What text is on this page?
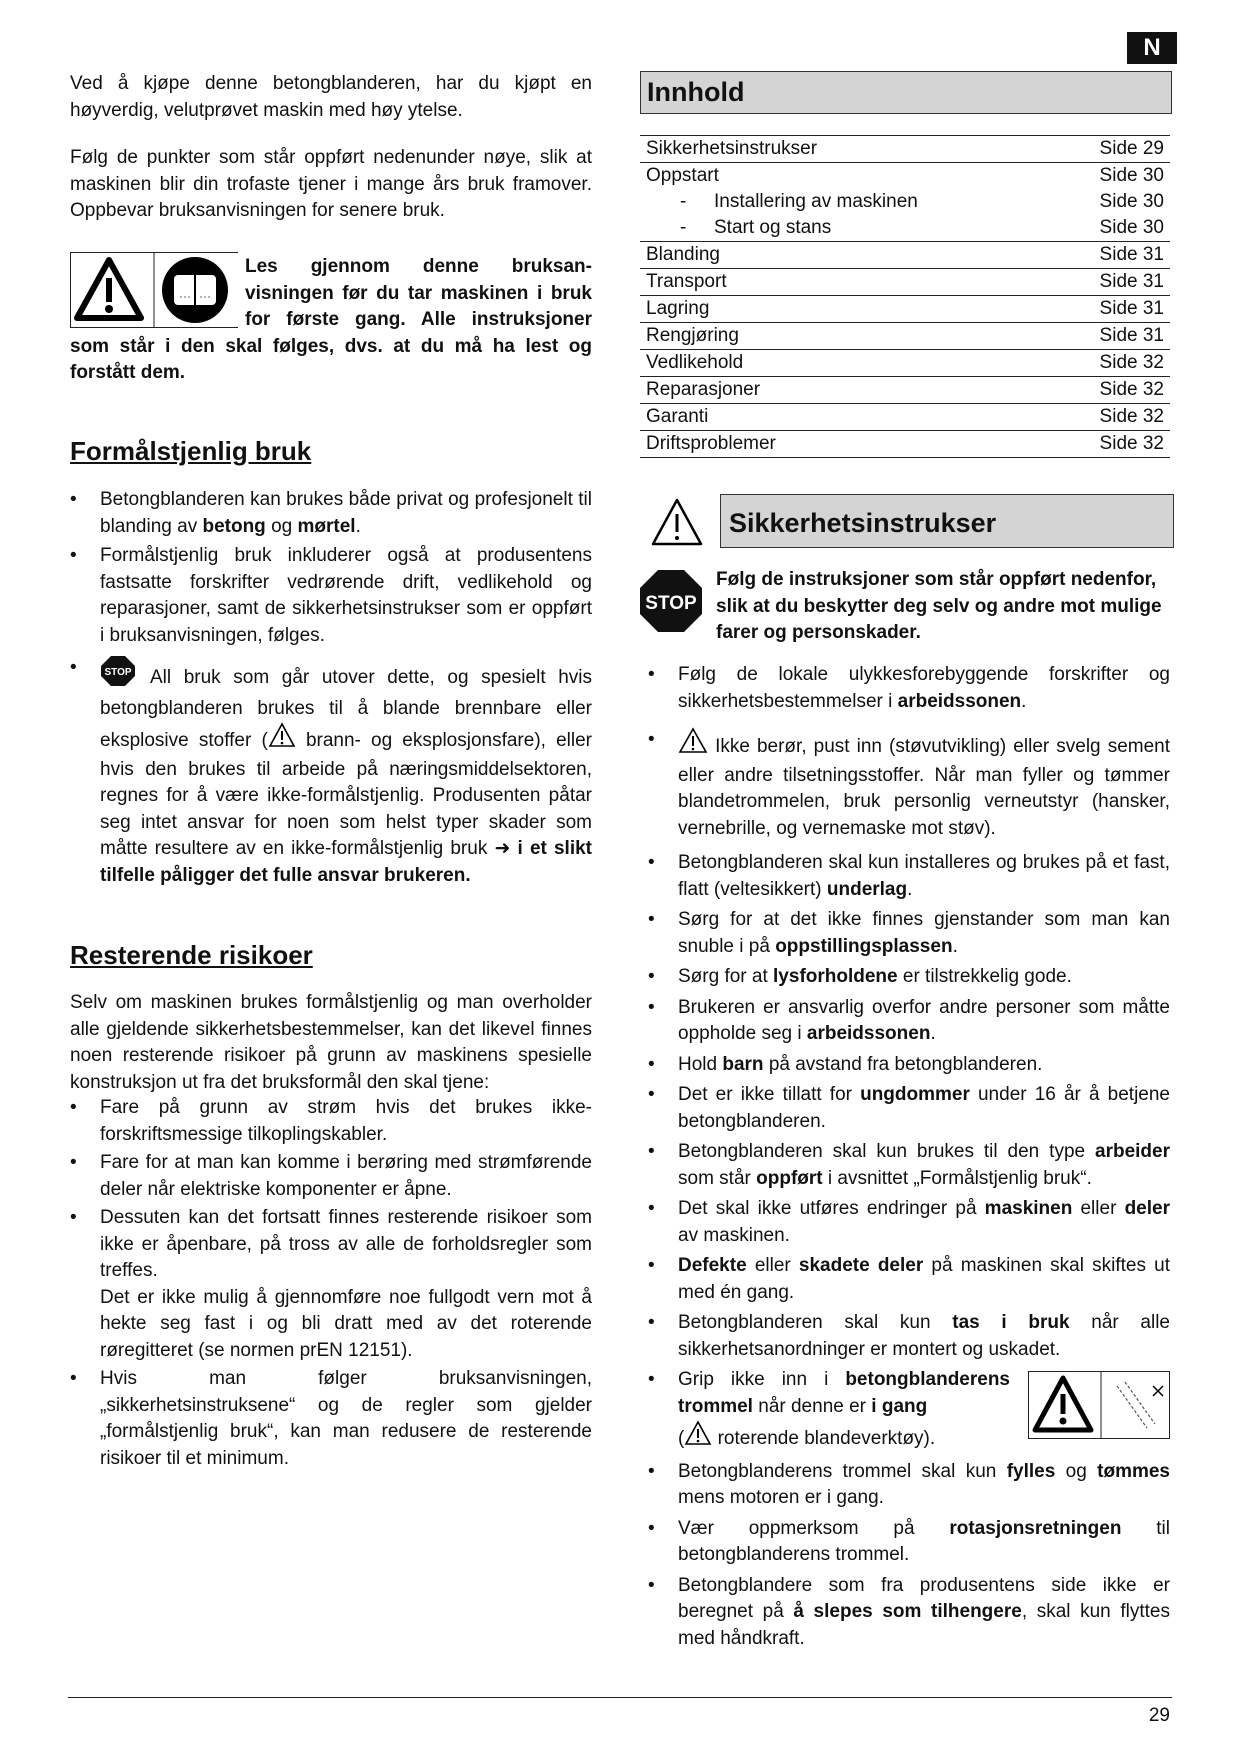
N
Ved å kjøpe denne betongblanderen, har du kjøpt en høyverdig, velutprøvet maskin med høy ytelse.
Følg de punkter som står oppført nedenunder nøye, slik at maskinen blir din trofaste tjener i mange års bruk framover. Oppbevar bruksanvisningen for senere bruk.
Les gjennom denne bruksan-visningen før du tar maskinen i bruk for første gang. Alle instruksjoner som står i den skal følges, dvs. at du må ha lest og forstått dem.
Formålstjenlig bruk
• Betongblanderen kan brukes både privat og profesjonelt til blanding av betong og mørtel.
• Formålstjenlig bruk inkluderer også at produsentens fastsatte forskrifter vedrørende drift, vedlikehold og reparasjoner, samt de sikkerhetsinstrukser som er oppført i bruksanvisningen, følges.
• STOP All bruk som går utover dette, og spesielt hvis betongblanderen brukes til å blande brennbare eller eksplosive stoffer ( brann- og eksplosjonsfare), eller hvis den brukes til arbeide på næringsmiddelsektoren, regnes for å være ikke-formålstjenlig. Produsenten påtar seg intet ansvar for noen som helst typer skader som måtte resultere av en ikke-formålstjenlig bruk ➜ i et slikt tilfelle påligger det fulle ansvar brukeren.
Resterende risikoer
Selv om maskinen brukes formålstjenlig og man overholder alle gjeldende sikkerhetsbestemmelser, kan det likevel finnes noen resterende risikoer på grunn av maskinens spesielle konstruksjon ut fra det bruksformål den skal tjene:
• Fare på grunn av strøm hvis det brukes ikke-forskriftsmessige tilkoplingskabler.
• Fare for at man kan komme i berøring med strømførende deler når elektriske komponenter er åpne.
• Dessuten kan det fortsatt finnes resterende risikoer som ikke er åpenbare, på tross av alle de forholdsregler som treffes.
Det er ikke mulig å gjennomføre noe fullgodt vern mot å hekte seg fast i og bli dratt med av det roterende røregitteret (se normen prEN 12151).
• Hvis man følger bruksanvisningen, „sikkerhetsinstruksene“ og de regler som gjelder „formålstjenlig bruk“, kan man redusere de resterende risikoer til et minimum.
Innhold
Sikkerhetsinstrukser	Side 29
Oppstart	Side 30
- Installering av maskinen	Side 30
- Start og stans	Side 30
Blanding	Side 31
Transport	Side 31
Lagring	Side 31
Rengjøring	Side 31
Vedlikehold	Side 32
Reparasjoner	Side 32
Garanti	Side 32
Driftsproblemer	Side 32
Sikkerhetsinstrukser
STOP
Følg de instruksjoner som står oppført nedenfor, slik at du beskytter deg selv og andre mot mulige farer og personskader.
• Følg de lokale ulykkesforebyggende forskrifter og sikkerhetsbestemmelser i arbeidssonen.
• Ikke berør, pust inn (støvutvikling) eller svelg sement eller andre tilsetningsstoffer. Når man fyller og tømmer blandetrommelen, bruk personlig verneutstyr (hansker, vernebrille, og vernemaske mot støv).
• Betongblanderen skal kun installeres og brukes på et fast, flatt (veltesikkert) underlag.
• Sørg for at det ikke finnes gjenstander som man kan snuble i på oppstillingsplassen.
• Sørg for at lysforholdene er tilstrekkelig gode.
• Brukeren er ansvarlig overfor andre personer som måtte oppholde seg i arbeidssonen.
• Hold barn på avstand fra betongblanderen.
• Det er ikke tillatt for ungdommer under 16 år å betjene betongblanderen.
• Betongblanderen skal kun brukes til den type arbeider som står oppført i avsnittet „Formålstjenlig bruk“.
• Det skal ikke utføres endringer på maskinen eller deler av maskinen.
• Defekte eller skadete deler på maskinen skal skiftes ut med én gang.
• Betongblanderen skal kun tas i bruk når alle sikkerhetsanordninger er montert og uskadet.
• Grip ikke inn i betongblanderens trommel når denne er i gang
( roterende blandeverktøy).
• Betongblanderens trommel skal kun fylles og tømmes mens motoren er i gang.
• Vær oppmerksom på rotasjonsretningen til betongblanderens trommel.
• Betongblandere som fra produsentens side ikke er beregnet på å slepes som tilhengere, skal kun flyttes med håndkraft.
29
